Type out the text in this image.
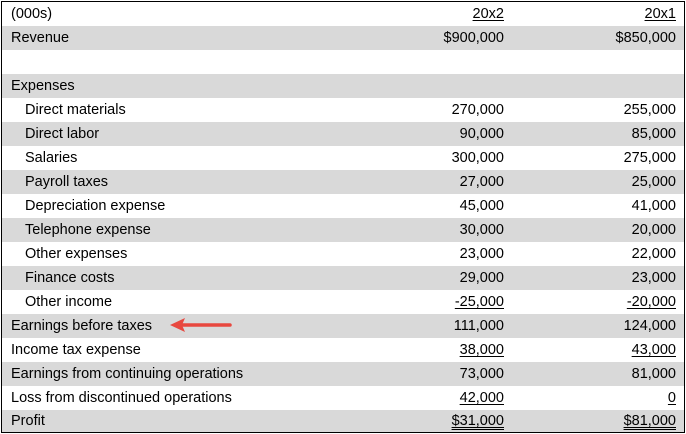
(000s)	20x2	20x1
Revenue	$900,000	$850,000
Expenses
Direct materials	270,000	255,000
Direct labor	90,000	85,000
Salaries	300,000	275,000
Payroll taxes	27,000	25,000
Depreciation expense	45,000	41,000
Telephone expense	30,000	20,000
Other expenses	23,000	22,000
Finance costs	29,000	23,000
Other income	-25,000	-20,000
Earnings before taxes	111,000	124,000
Income tax expense	38,000	43,000
Earnings from continuing operations	73,000	81,000
Loss from discontinued operations	42,000	0
Profit	$31,000	$81,000
